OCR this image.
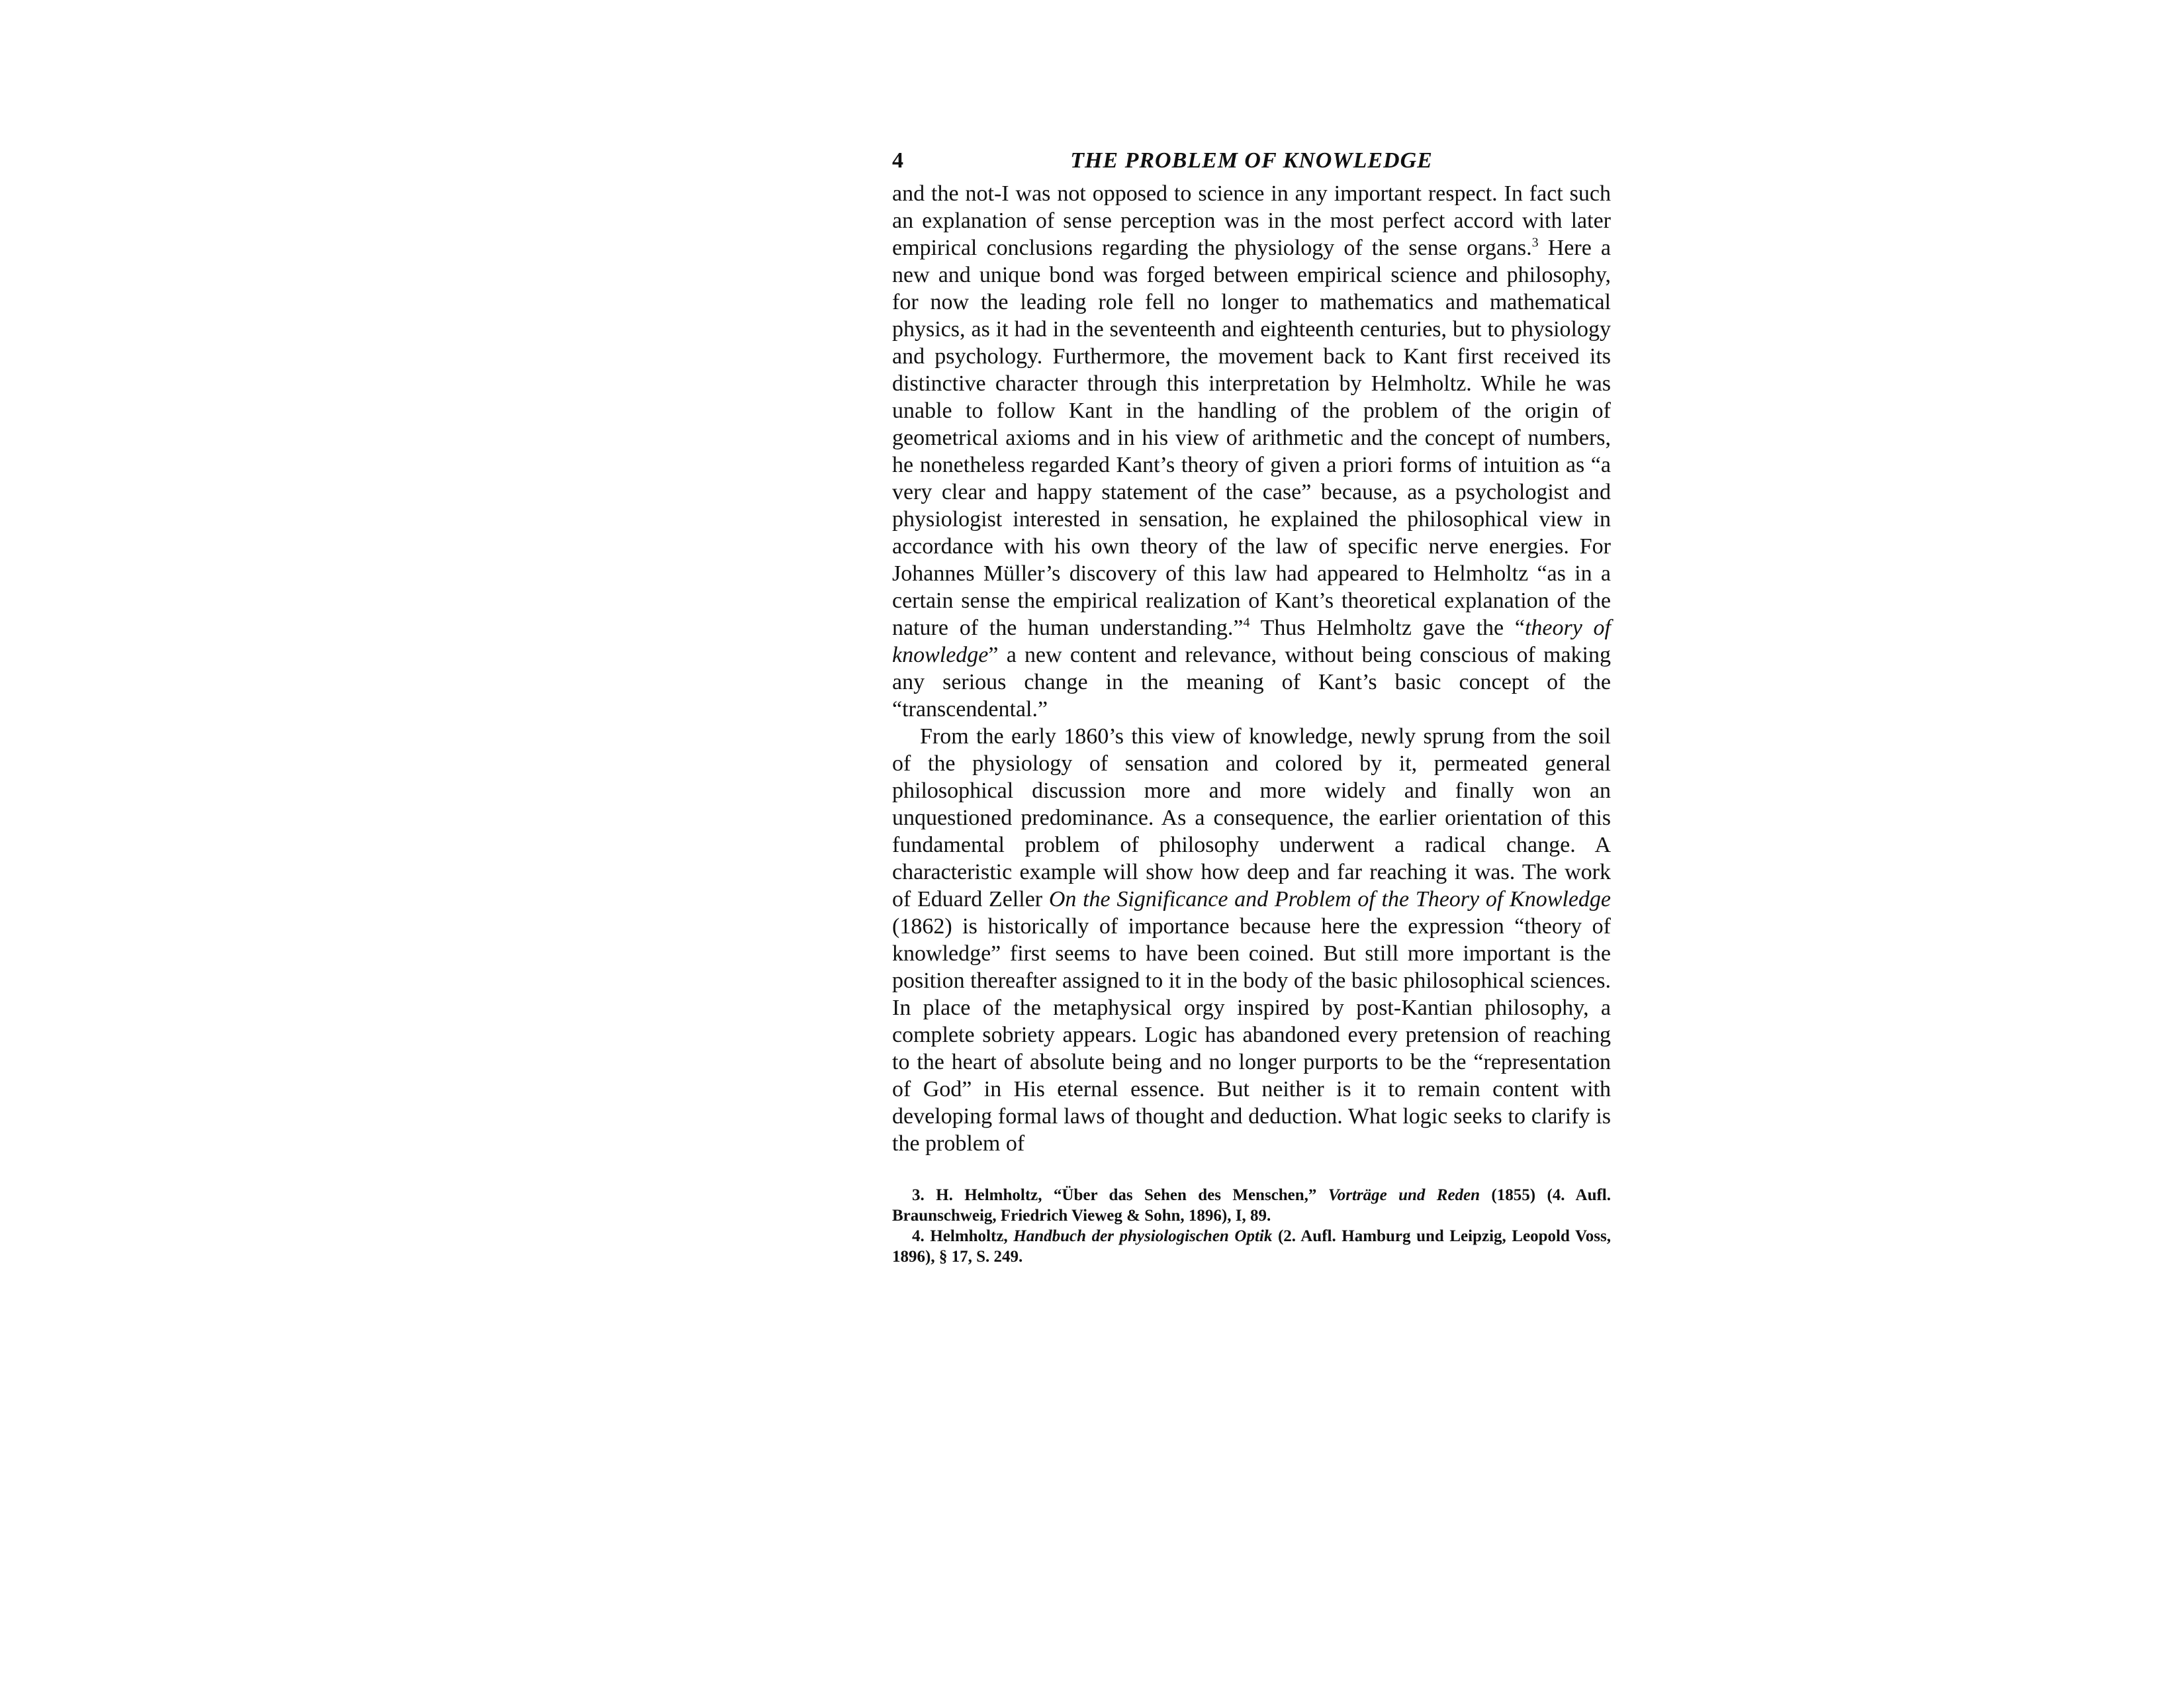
4	THE PROBLEM OF KNOWLEDGE

and the not-I was not opposed to science in any important respect. In fact such an explanation of sense perception was in the most perfect accord with later empirical conclusions regarding the physiology of the sense organs.$^3$ Here a new and unique bond was forged between empirical science and philosophy, for now the leading role fell no longer to mathematics and mathematical physics, as it had in the seventeenth and eighteenth centuries, but to physiology and psychology. Furthermore, the movement back to Kant first received its distinctive character through this interpretation by Helmholtz. While he was unable to follow Kant in the handling of the problem of the origin of geometrical axioms and in his view of arithmetic and the concept of numbers, he nonetheless regarded Kant’s theory of given a priori forms of intuition as “a very clear and happy statement of the case” because, as a psychologist and physiologist interested in sensation, he explained the philosophical view in accordance with his own theory of the law of specific nerve energies. For Johannes Müller’s discovery of this law had appeared to Helmholtz “as in a certain sense the empirical realization of Kant’s theoretical explanation of the nature of the human understanding.”$^4$ Thus Helmholtz gave the “theory of knowledge” a new content and relevance, without being conscious of making any serious change in the meaning of Kant’s basic concept of the “transcendental.”

From the early 1860’s this view of knowledge, newly sprung from the soil of the physiology of sensation and colored by it, permeated general philosophical discussion more and more widely and finally won an unquestioned predominance. As a consequence, the earlier orientation of this fundamental problem of philosophy underwent a radical change. A characteristic example will show how deep and far reaching it was. The work of Eduard Zeller On the Significance and Problem of the Theory of Knowledge (1862) is historically of importance because here the expression “theory of knowledge” first seems to have been coined. But still more important is the position thereafter assigned to it in the body of the basic philosophical sciences. In place of the metaphysical orgy inspired by post-Kantian philosophy, a complete sobriety appears. Logic has abandoned every pretension of reaching to the heart of absolute being and no longer purports to be the “representation of God” in His eternal essence. But neither is it to remain content with developing formal laws of thought and deduction. What logic seeks to clarify is the problem of

3. H. Helmholtz, “Über das Sehen des Menschen,” Vorträge und Reden (1855) (4. Aufl. Braunschweig, Friedrich Vieweg & Sohn, 1896), I, 89.

4. Helmholtz, Handbuch der physiologischen Optik (2. Aufl. Hamburg und Leipzig, Leopold Voss, 1896), § 17, S. 249.
